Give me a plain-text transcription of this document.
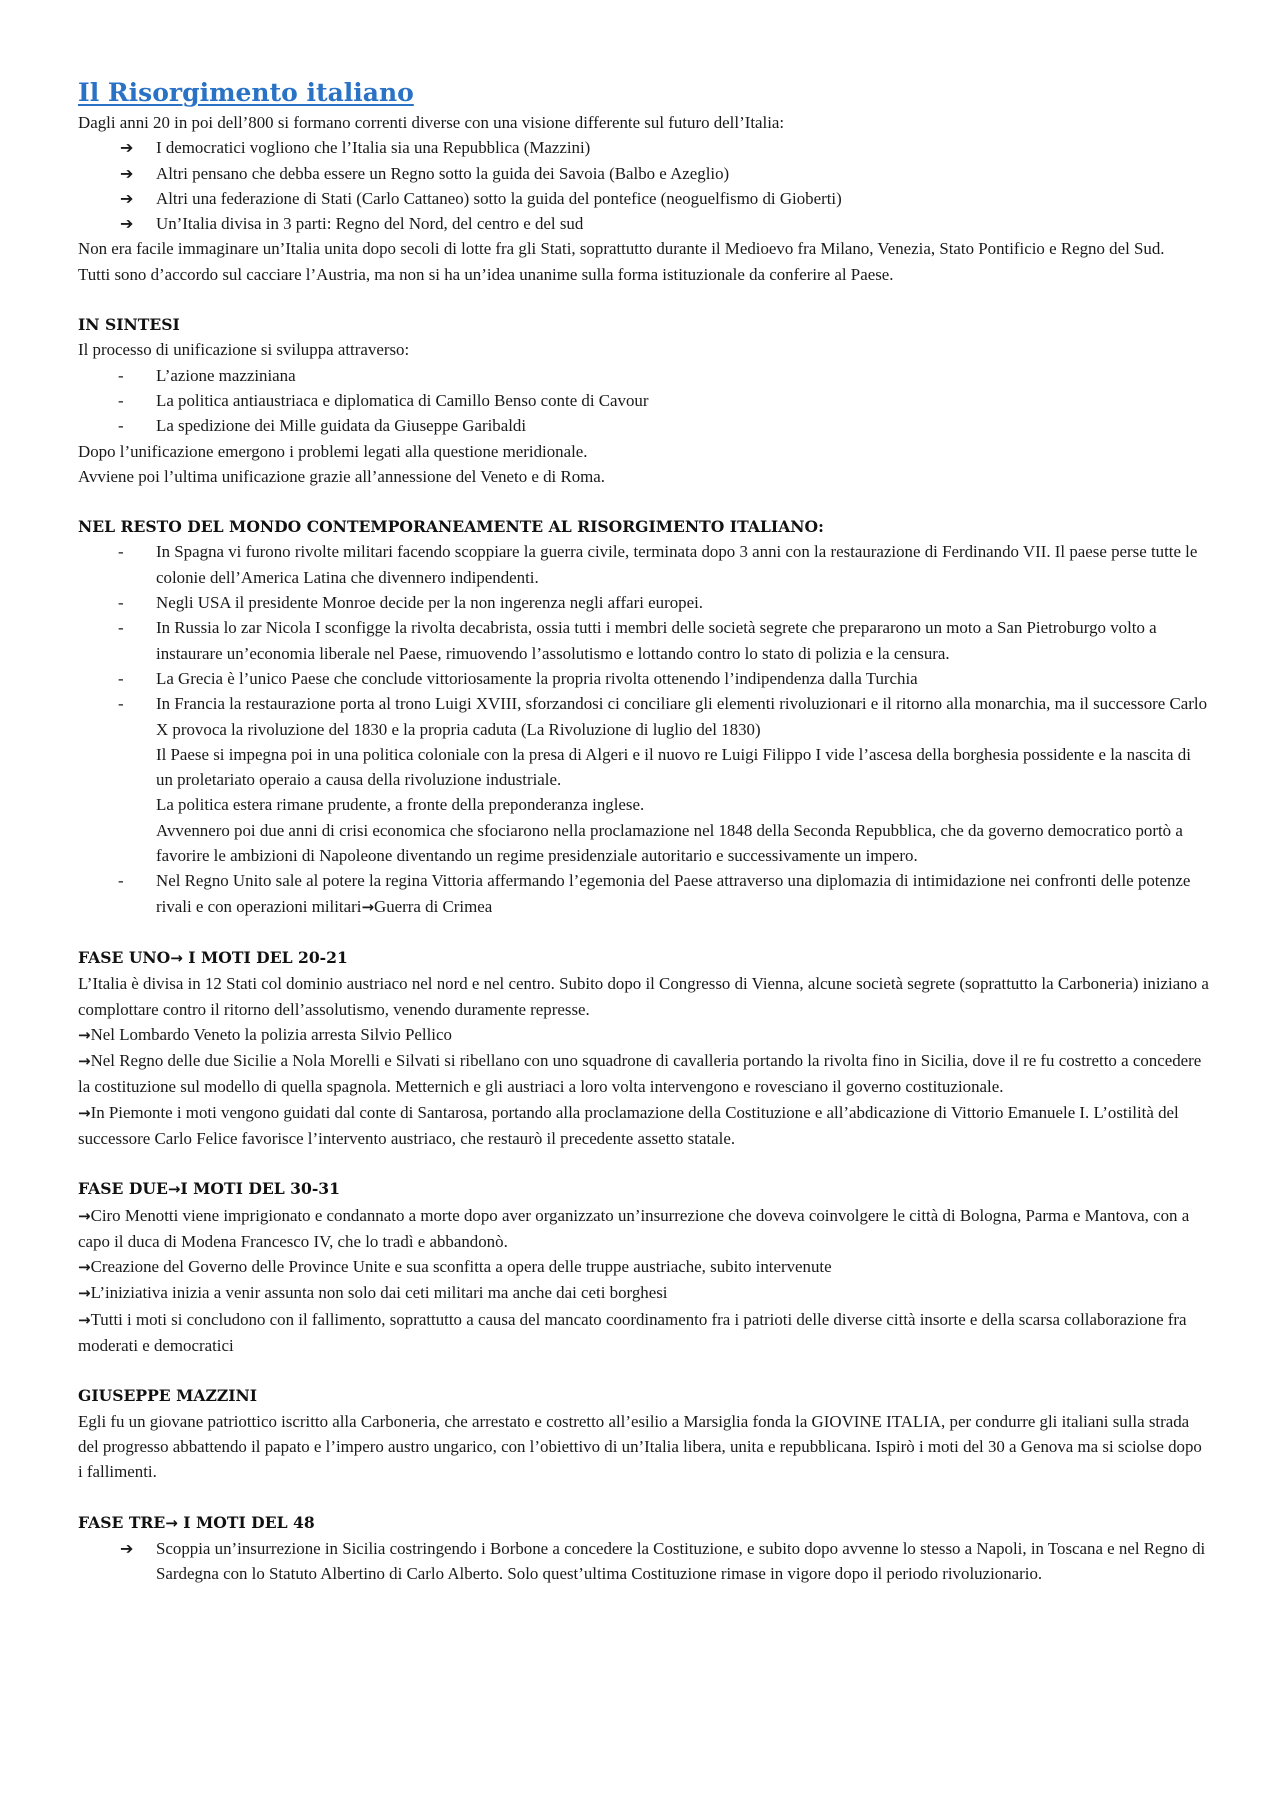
Il Risorgimento italiano

Dagli anni 20 in poi dell’800 si formano correnti diverse con una visione differente sul futuro dell’Italia:

➔ I democratici vogliono che l’Italia sia una Repubblica (Mazzini)
➔ Altri pensano che debba essere un Regno sotto la guida dei Savoia (Balbo e Azeglio)
➔ Altri una federazione di Stati (Carlo Cattaneo) sotto la guida del pontefice (neoguelfismo di Gioberti)
➔ Un’Italia divisa in 3 parti: Regno del Nord, del centro e del sud

Non era facile immaginare un’Italia unita dopo secoli di lotte fra gli Stati, soprattutto durante il Medioevo fra Milano, Venezia, Stato Pontificio e Regno del Sud.

Tutti sono d’accordo sul cacciare l’Austria, ma non si ha un’idea unanime sulla forma istituzionale da conferire al Paese.

IN SINTESI

Il processo di unificazione si sviluppa attraverso:

- L’azione mazziniana
- La politica antiaustriaca e diplomatica di Camillo Benso conte di Cavour
- La spedizione dei Mille guidata da Giuseppe Garibaldi

Dopo l’unificazione emergono i problemi legati alla questione meridionale.

Avviene poi l’ultima unificazione grazie all’annessione del Veneto e di Roma.

NEL RESTO DEL MONDO CONTEMPORANEAMENTE AL RISORGIMENTO ITALIANO:
- In Spagna vi furono rivolte militari facendo scoppiare la guerra civile, terminata dopo 3 anni con la restaurazione di Ferdinando VII. Il paese perse tutte le colonie dell’America Latina che divennero indipendenti.
- Negli USA il presidente Monroe decide per la non ingerenza negli affari europei.
- In Russia lo zar Nicola I sconfigge la rivolta decabrista, ossia tutti i membri delle società segrete che prepararono un moto a San Pietroburgo volto a instaurare un’economia liberale nel Paese, rimuovendo l’assolutismo e lottando contro lo stato di polizia e la censura.
- La Grecia è l’unico Paese che conclude vittoriosamente la propria rivolta ottenendo l’indipendenza dalla Turchia
- In Francia la restaurazione porta al trono Luigi XVIII, sforzandosi ci conciliare gli elementi rivoluzionari e il ritorno alla monarchia, ma il successore Carlo X provoca la rivoluzione del 1830 e la propria caduta (La Rivoluzione di luglio del 1830)
Il Paese si impegna poi in una politica coloniale con la presa di Algeri e il nuovo re Luigi Filippo I vide l’ascesa della borghesia possidente e la nascita di un proletariato operaio a causa della rivoluzione industriale.
La politica estera rimane prudente, a fronte della preponderanza inglese.
Avvennero poi due anni di crisi economica che sfociarono nella proclamazione nel 1848 della Seconda Repubblica, che da governo democratico portò a favorire le ambizioni di Napoleone diventando un regime presidenziale autoritario e successivamente un impero.
- Nel Regno Unito sale al potere la regina Vittoria affermando l’egemonia del Paese attraverso una diplomazia di intimidazione nei confronti delle potenze rivali e con operazioni militari→Guerra di Crimea
FASE UNO→ I MOTI DEL 20-21

L’Italia è divisa in 12 Stati col dominio austriaco nel nord e nel centro. Subito dopo il Congresso di Vienna, alcune società segrete (soprattutto la Carboneria) iniziano a complottare contro il ritorno dell’assolutismo, venendo duramente represse.

→Nel Lombardo Veneto la polizia arresta Silvio Pellico

→Nel Regno delle due Sicilie a Nola Morelli e Silvati si ribellano con uno squadrone di cavalleria portando la rivolta fino in Sicilia, dove il re fu costretto a concedere la costituzione sul modello di quella spagnola. Metternich e gli austriaci a loro volta intervengono e rovesciano il governo costituzionale.

→In Piemonte i moti vengono guidati dal conte di Santarosa, portando alla proclamazione della Costituzione e all’abdicazione di Vittorio Emanuele I. L’ostilità del successore Carlo Felice favorisce l’intervento austriaco, che restaurò il precedente assetto statale.

FASE DUE→I MOTI DEL 30-31

→Ciro Menotti viene imprigionato e condannato a morte dopo aver organizzato un’insurrezione che doveva coinvolgere le città di Bologna, Parma e Mantova, con a capo il duca di Modena Francesco IV, che lo tradì e abbandonò.

→Creazione del Governo delle Province Unite e sua sconfitta a opera delle truppe austriache, subito intervenute

→L’iniziativa inizia a venir assunta non solo dai ceti militari ma anche dai ceti borghesi

→Tutti i moti si concludono con il fallimento, soprattutto a causa del mancato coordinamento fra i patrioti delle diverse città insorte e della scarsa collaborazione fra moderati e democratici

GIUSEPPE MAZZINI

Egli fu un giovane patriottico iscritto alla Carboneria, che arrestato e costretto all’esilio a Marsiglia fonda la GIOVINE ITALIA, per condurre gli italiani sulla strada del progresso abbattendo il papato e l’impero austro ungarico, con l’obiettivo di un’Italia libera, unita e repubblicana. Ispirò i moti del 30 a Genova ma si sciolse dopo i fallimenti.

FASE TRE→ I MOTI DEL 48
➔ Scoppia un’insurrezione in Sicilia costringendo i Borbone a concedere la Costituzione, e subito dopo avvenne lo stesso a Napoli, in Toscana e nel Regno di Sardegna con lo Statuto Albertino di Carlo Alberto. Solo quest’ultima Costituzione rimase in vigore dopo il periodo rivoluzionario.
